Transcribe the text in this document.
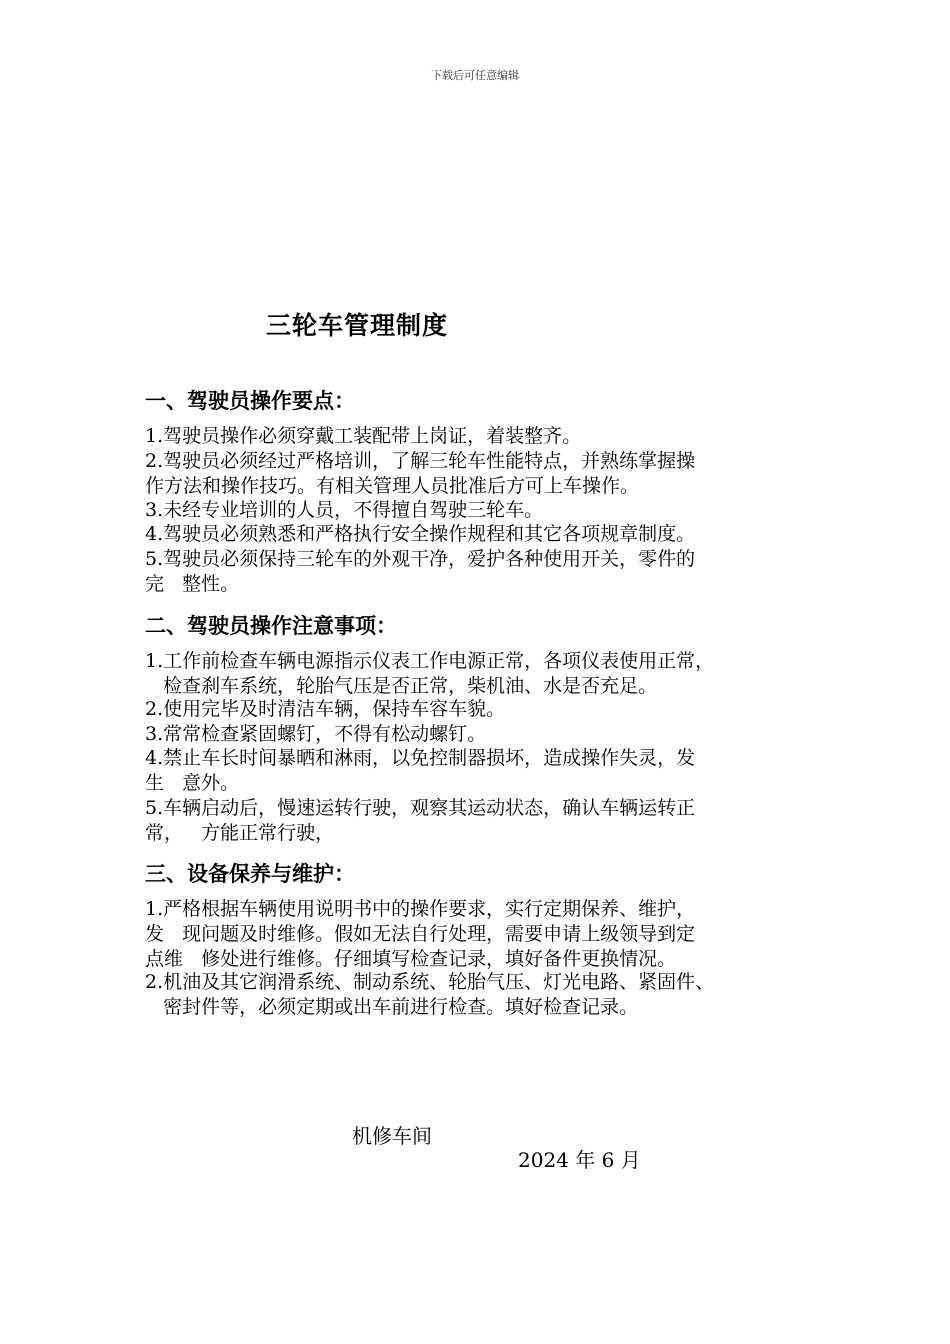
下载后可任意编辑
三轮车管理制度
一、驾驶员操作要点：
1.驾驶员操作必须穿戴工装配带上岗证，着装整齐。
2.驾驶员必须经过严格培训，了解三轮车性能特点，并熟练掌握操
作方法和操作技巧。有相关管理人员批准后方可上车操作。
3.未经专业培训的人员，不得擅自驾驶三轮车。
4.驾驶员必须熟悉和严格执行安全操作规程和其它各项规章制度。
5.驾驶员必须保持三轮车的外观干净，爱护各种使用开关，零件的
完   整性。
二、驾驶员操作注意事项：
1.工作前检查车辆电源指示仪表工作电源正常，各项仪表使用正常，
检查刹车系统，轮胎气压是否正常，柴机油、水是否充足。
2.使用完毕及时清洁车辆，保持车容车貌。
3.常常检查紧固螺钉，不得有松动螺钉。
4.禁止车长时间暴晒和淋雨，以免控制器损坏，造成操作失灵，发
生   意外。
5.车辆启动后，慢速运转行驶，观察其运动状态，确认车辆运转正
常，   方能正常行驶，
三、设备保养与维护：
1.严格根据车辆使用说明书中的操作要求，实行定期保养、维护，
发   现问题及时维修。假如无法自行处理，需要申请上级领导到定
点维   修处进行维修。仔细填写检查记录，填好备件更换情况。
2.机油及其它润滑系统、制动系统、轮胎气压、灯光电路、紧固件、
密封件等，必须定期或出车前进行检查。填好检查记录。
机修车间
2024 年 6 月
